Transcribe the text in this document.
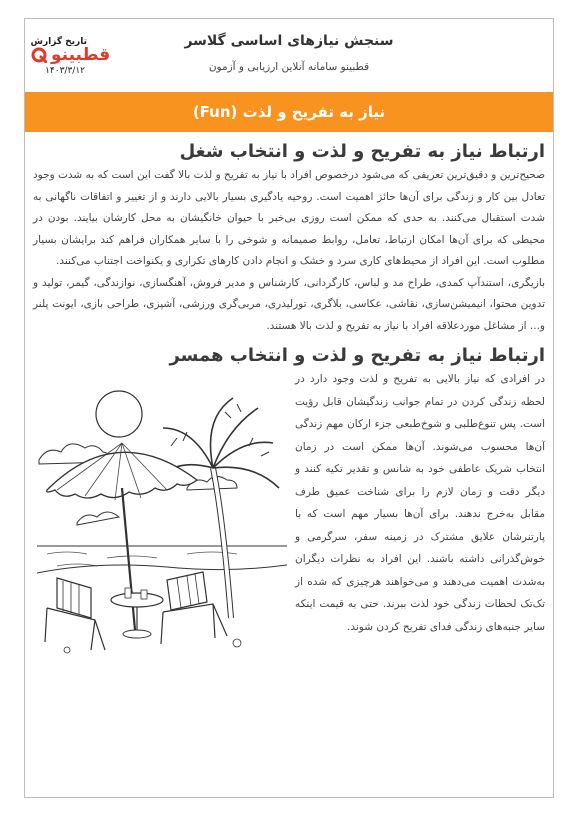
قطبینو
سنجش نیازهای اساسی گلاسر
قطبینو سامانه آنلاین ارزیابی و آزمون
تاریخ گزارش
۱۴۰۳/۳/۱۲
نیاز به تفریح و لذت (Fun)
ارتباط نیاز به تفریح و لذت و انتخاب شغل

صحیح‌ترین و دقیق‌ترین تعریفی که می‌شود درخصوص افراد با نیاز به تفریح و لذت بالا گفت این است که به شدت وجود تعادل بین کار و زندگی برای آن‌ها حائز اهمیت است. روحیه یادگیری بسیار بالایی دارند و از تغییر و اتفاقات ناگهانی به شدت استقبال می‌کنند. به حدی که ممکن است روزی بی‌خبر با حیوان خانگیشان به محل کارشان بیایند. بودن در محیطی که برای آن‌ها امکان ارتباط، تعامل، روابط صمیمانه و شوخی را با سایر همکاران فراهم کند برایشان بسیار مطلوب است. این افراد از محیط‌های کاری سرد و خشک و انجام دادن کارهای تکراری و یکنواخت اجتناب می‌کنند.

بازیگری، استندآپ کمدی، طراح مد و لباس، کارگردانی، کارشناس و مدیر فروش، آهنگسازی، نوازندگی، گیمر، تولید و تدوین محتوا، انیمیشن‌سازی، نقاشی، عکاسی، بلاگری، تورلیدری، مربی‌گری ورزشی، آشپزی، طراحی بازی، ایونت پلنر و... از مشاغل موردعلاقه افراد با نیاز به تفریح و لذت بالا هستند.

ارتباط نیاز به تفریح و لذت و انتخاب همسر

در افرادی که نیاز بالایی به تفریح و لذت وجود دارد در لحظه زندگی کردن در تمام جوانب زندگیشان قابل رؤیت است. پس تنوع‌طلبی و شوخ‌طبعی جزء ارکان مهم زندگی آن‌ها محسوب می‌شوند. آن‌ها ممکن است در زمان انتخاب شریک عاطفی خود به شانس و تقدیر تکیه کنند و دیگر دقت و زمان لازم را برای شناخت عمیق طرف مقابل به‌خرج ندهند. برای آن‌ها بسیار مهم است که با پارتنرشان علایق مشترک در زمینه سفر، سرگرمی و خوش‌گذرانی داشته باشند. این افراد به نظرات دیگران به‌شدت اهمیت می‌دهند و می‌خواهند هرچیزی که شده از تک‌تک لحظات زندگی خود لذت ببرند. حتی به قیمت اینکه سایر جنبه‌های زندگی فدای تفریح کردن شوند.
